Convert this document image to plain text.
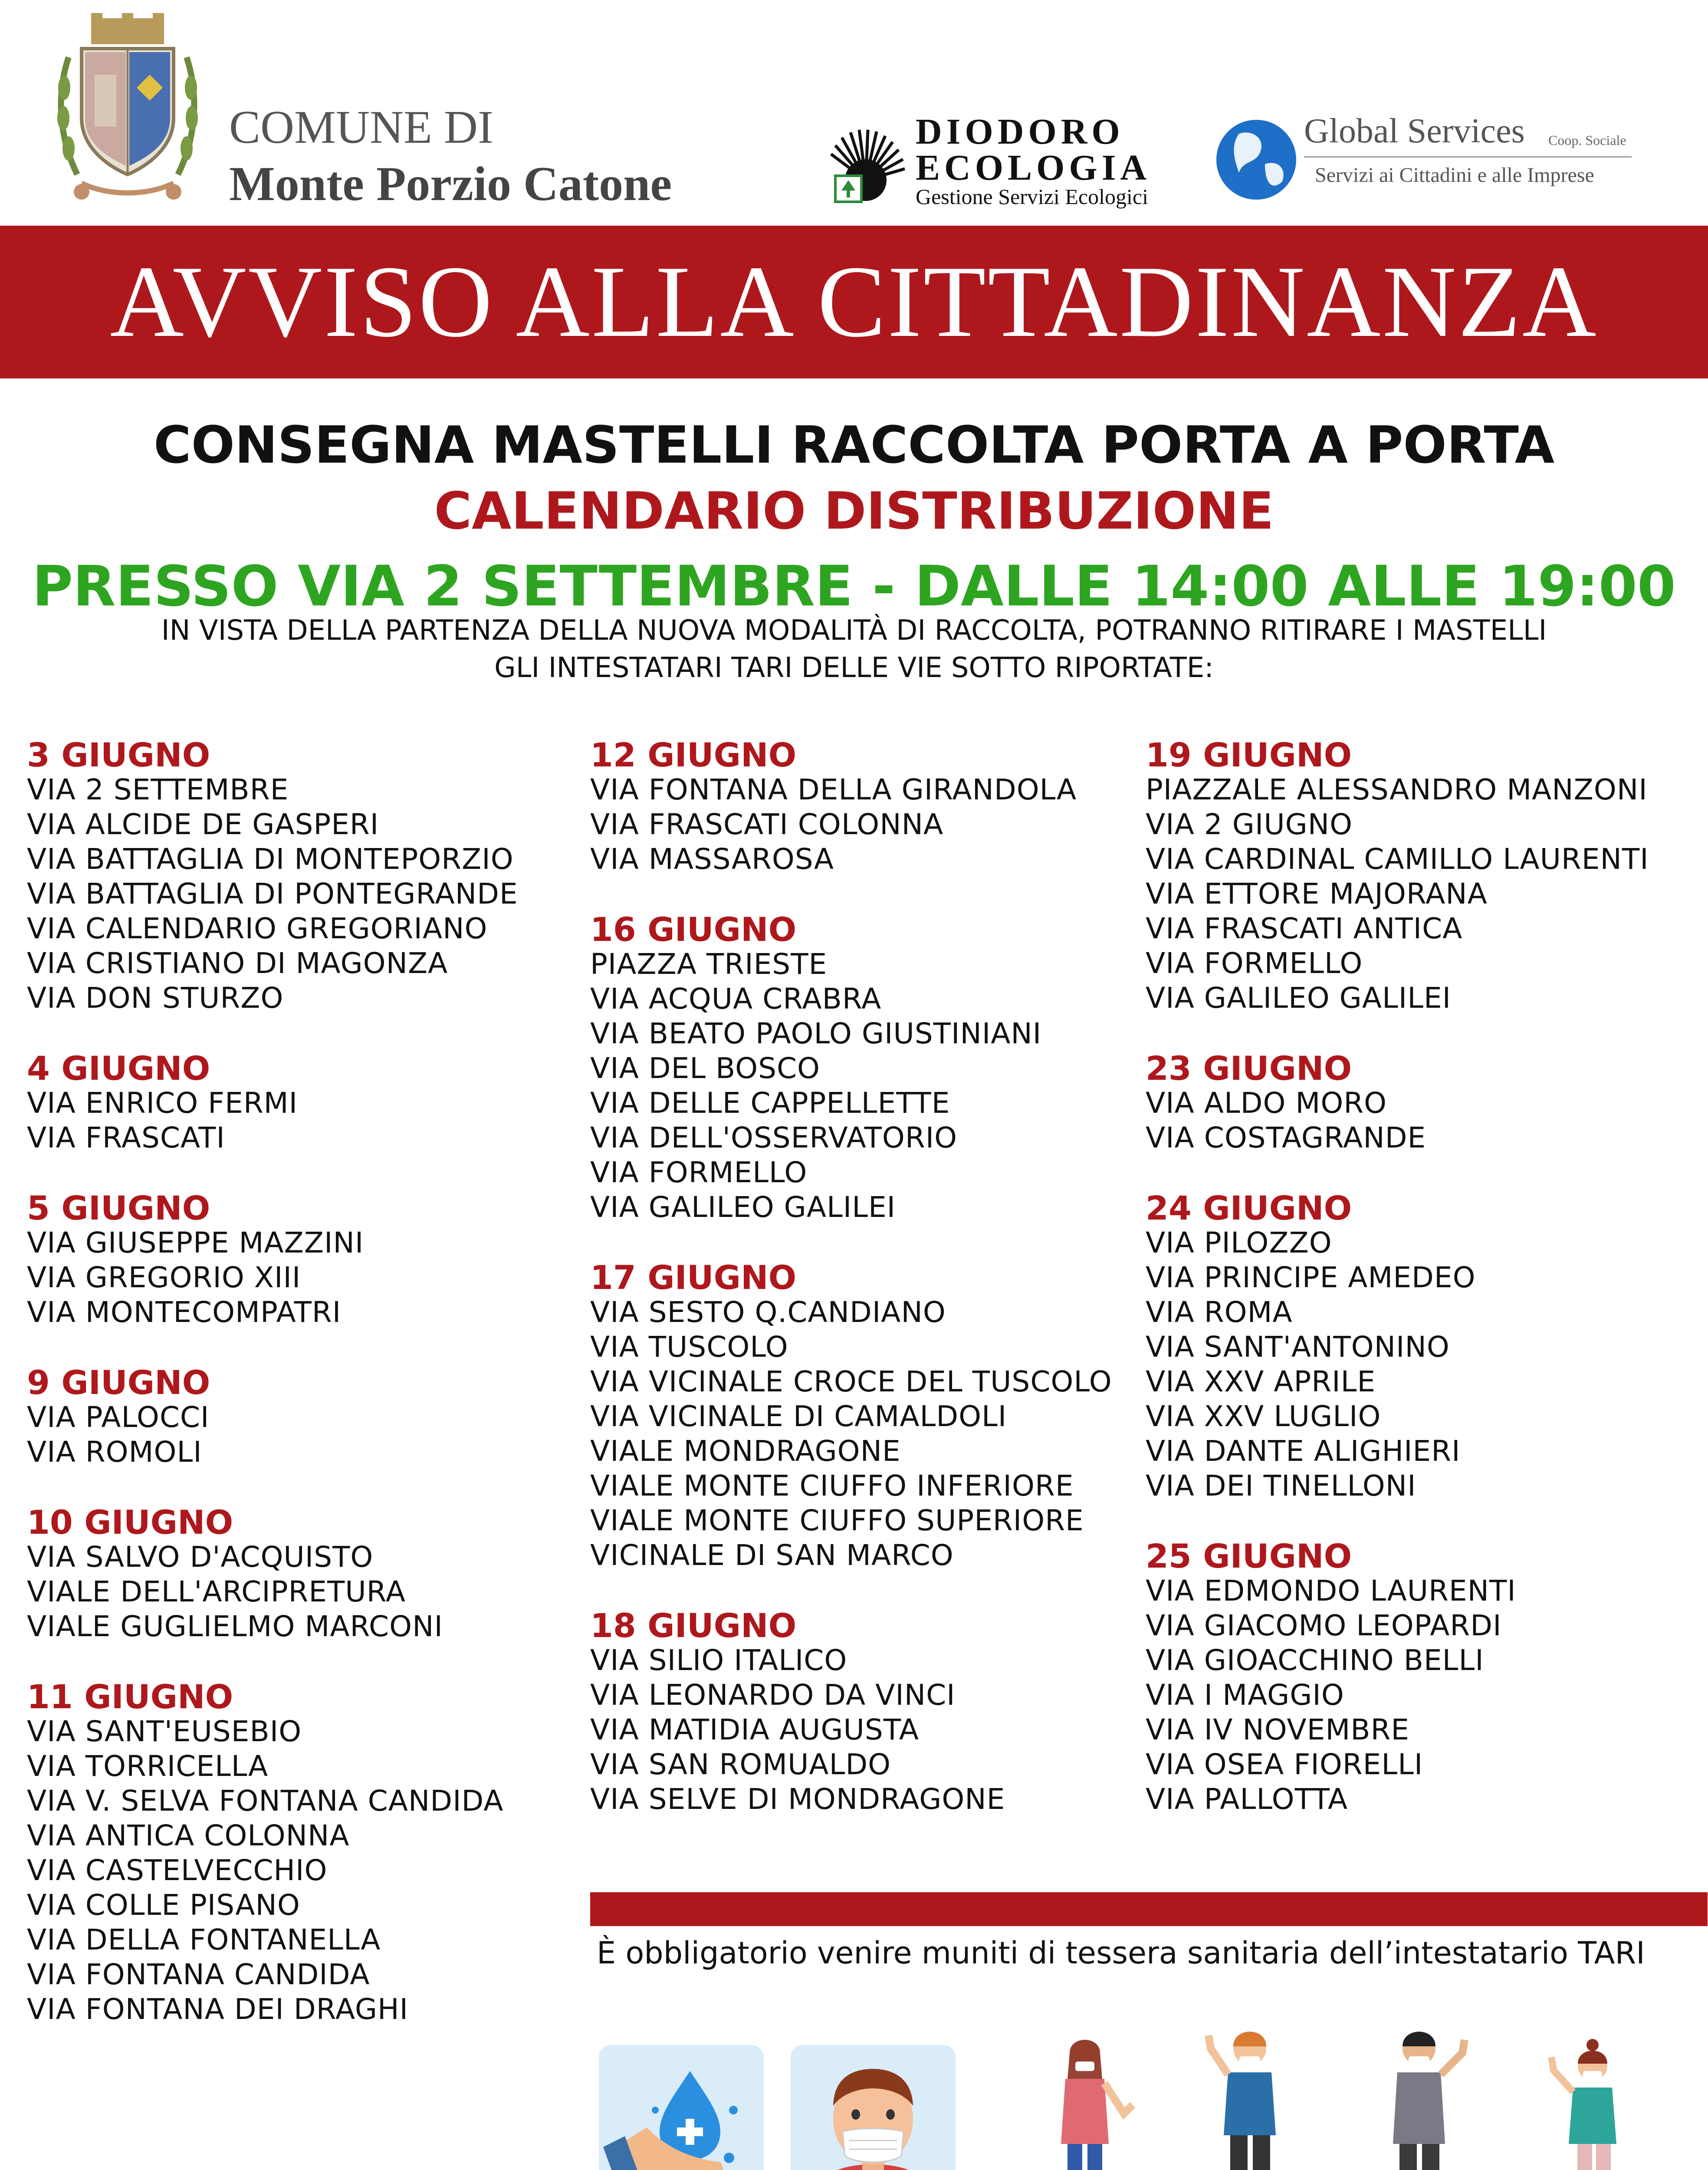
COMUNE DI
Monte Porzio Catone
DIODORO
ECOLOGIA
Gestione Servizi Ecologici
Global Services Coop. Sociale
Servizi ai Cittadini e alle Imprese
AVVISO ALLA CITTADINANZA
CONSEGNA MASTELLI RACCOLTA PORTA A PORTA
CALENDARIO DISTRIBUZIONE
PRESSO VIA 2 SETTEMBRE - DALLE 14:00 ALLE 19:00
IN VISTA DELLA PARTENZA DELLA NUOVA MODALITÀ DI RACCOLTA, POTRANNO RITIRARE I MASTELLI
GLI INTESTATARI TARI DELLE VIE SOTTO RIPORTATE:
3 GIUGNO
VIA 2 SETTEMBRE
VIA ALCIDE DE GASPERI
VIA BATTAGLIA DI MONTEPORZIO
VIA BATTAGLIA DI PONTEGRANDE
VIA CALENDARIO GREGORIANO
VIA CRISTIANO DI MAGONZA
VIA DON STURZO
4 GIUGNO
VIA ENRICO FERMI
VIA FRASCATI
5 GIUGNO
VIA GIUSEPPE MAZZINI
VIA GREGORIO XIII
VIA MONTECOMPATRI
9 GIUGNO
VIA PALOCCI
VIA ROMOLI
10 GIUGNO
VIA SALVO D'ACQUISTO
VIALE DELL'ARCIPRETURA
VIALE GUGLIELMO MARCONI
11 GIUGNO
VIA SANT'EUSEBIO
VIA TORRICELLA
VIA V. SELVA FONTANA CANDIDA
VIA ANTICA COLONNA
VIA CASTELVECCHIO
VIA COLLE PISANO
VIA DELLA FONTANELLA
VIA FONTANA CANDIDA
VIA FONTANA DEI DRAGHI
12 GIUGNO
VIA FONTANA DELLA GIRANDOLA
VIA FRASCATI COLONNA
VIA MASSAROSA
16 GIUGNO
PIAZZA TRIESTE
VIA ACQUA CRABRA
VIA BEATO PAOLO GIUSTINIANI
VIA DEL BOSCO
VIA DELLE CAPPELLETTE
VIA DELL'OSSERVATORIO
VIA FORMELLO
VIA GALILEO GALILEI
17 GIUGNO
VIA SESTO Q.CANDIANO
VIA TUSCOLO
VIA VICINALE CROCE DEL TUSCOLO
VIA VICINALE DI CAMALDOLI
VIALE MONDRAGONE
VIALE MONTE CIUFFO INFERIORE
VIALE MONTE CIUFFO SUPERIORE
VICINALE DI SAN MARCO
18 GIUGNO
VIA SILIO ITALICO
VIA LEONARDO DA VINCI
VIA MATIDIA AUGUSTA
VIA SAN ROMUALDO
VIA SELVE DI MONDRAGONE
19 GIUGNO
PIAZZALE ALESSANDRO MANZONI
VIA 2 GIUGNO
VIA CARDINAL CAMILLO LAURENTI
VIA ETTORE MAJORANA
VIA FRASCATI ANTICA
VIA FORMELLO
VIA GALILEO GALILEI
23 GIUGNO
VIA ALDO MORO
VIA COSTAGRANDE
24 GIUGNO
VIA PILOZZO
VIA PRINCIPE AMEDEO
VIA ROMA
VIA SANT'ANTONINO
VIA XXV APRILE
VIA XXV LUGLIO
VIA DANTE ALIGHIERI
VIA DEI TINELLONI
25 GIUGNO
VIA EDMONDO LAURENTI
VIA GIACOMO LEOPARDI
VIA GIOACCHINO BELLI
VIA I MAGGIO
VIA IV NOVEMBRE
VIA OSEA FIORELLI
VIA PALLOTTA
È obbligatorio venire muniti di tessera sanitaria dell’intestatario TARI
